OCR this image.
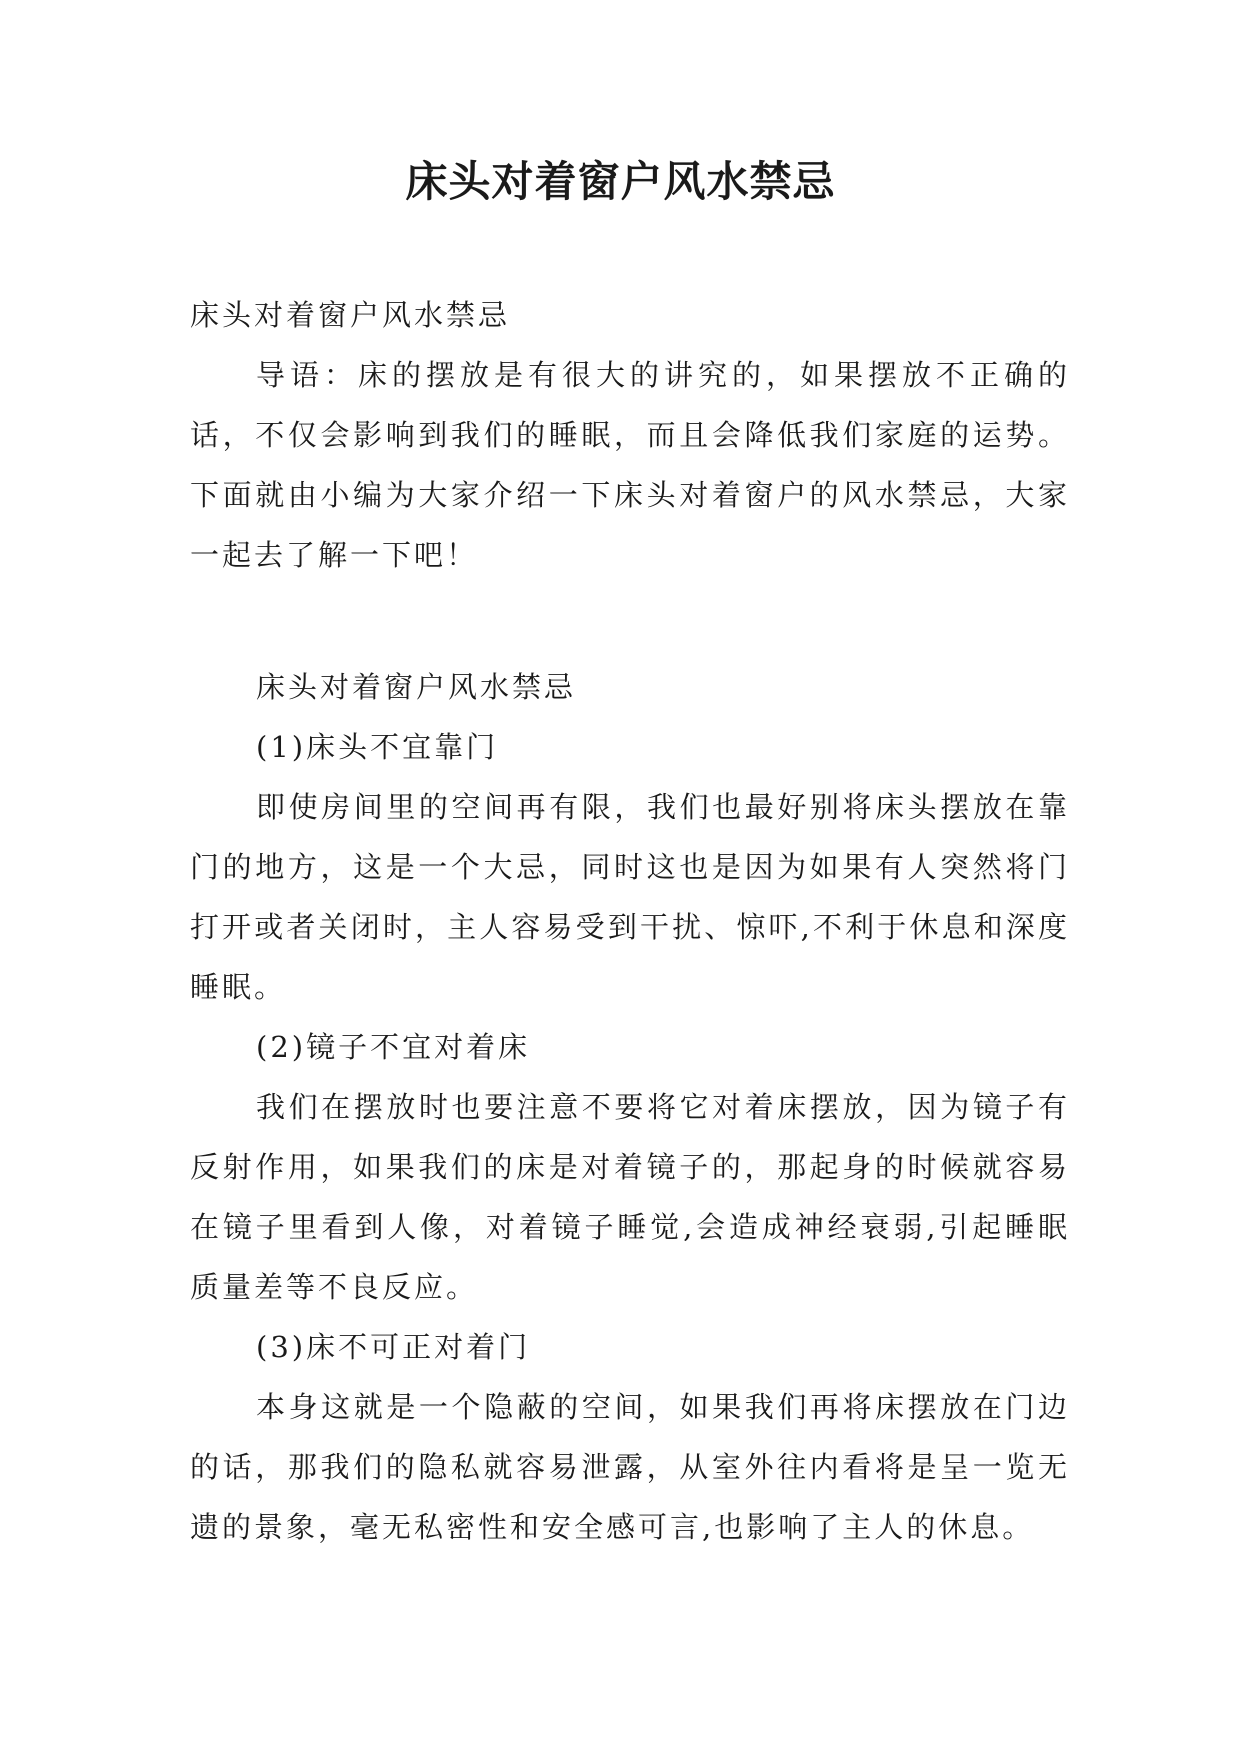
床头对着窗户风水禁忌

床头对着窗户风水禁忌

导语：床的摆放是有很大的讲究的，如果摆放不正确的话，不仅会影响到我们的睡眠，而且会降低我们家庭的运势。下面就由小编为大家介绍一下床头对着窗户的风水禁忌，大家一起去了解一下吧！

床头对着窗户风水禁忌

(1)床头不宜靠门

即使房间里的空间再有限，我们也最好别将床头摆放在靠门的地方，这是一个大忌，同时这也是因为如果有人突然将门打开或者关闭时，主人容易受到干扰、惊吓,不利于休息和深度睡眠。

(2)镜子不宜对着床

我们在摆放时也要注意不要将它对着床摆放，因为镜子有反射作用，如果我们的床是对着镜子的，那起身的时候就容易在镜子里看到人像，对着镜子睡觉,会造成神经衰弱,引起睡眠质量差等不良反应。

(3)床不可正对着门

本身这就是一个隐蔽的空间，如果我们再将床摆放在门边的话，那我们的隐私就容易泄露，从室外往内看将是呈一览无遗的景象，毫无私密性和安全感可言,也影响了主人的休息。
